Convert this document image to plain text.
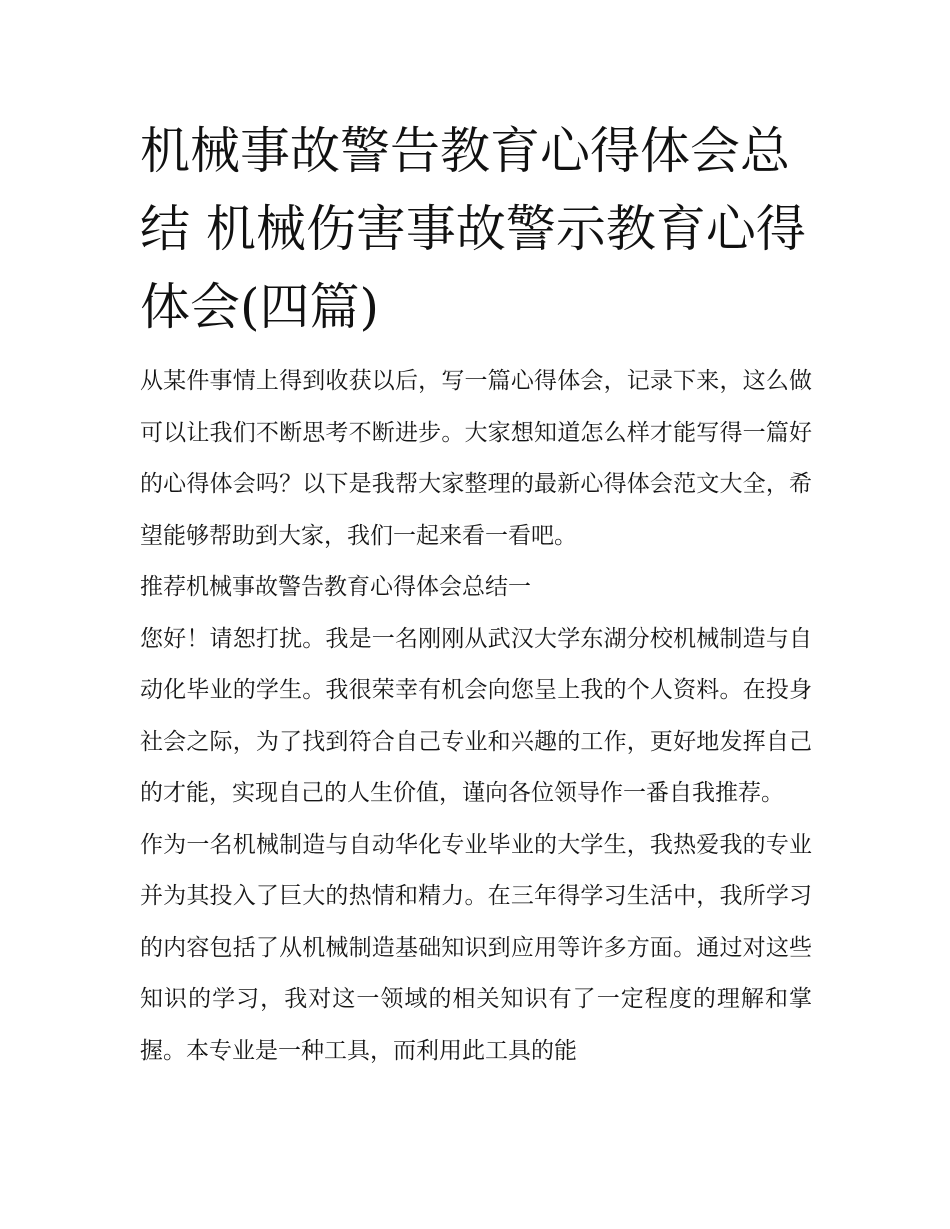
机械事故警告教育心得体会总结 机械伤害事故警示教育心得体会(四篇)

从某件事情上得到收获以后，写一篇心得体会，记录下来，这么做可以让我们不断思考不断进步。大家想知道怎么样才能写得一篇好的心得体会吗？以下是我帮大家整理的最新心得体会范文大全，希望能够帮助到大家，我们一起来看一看吧。

推荐机械事故警告教育心得体会总结一

您好！请恕打扰。我是一名刚刚从武汉大学东湖分校机械制造与自动化毕业的学生。我很荣幸有机会向您呈上我的个人资料。在投身社会之际，为了找到符合自己专业和兴趣的工作，更好地发挥自己的才能，实现自己的人生价值，谨向各位领导作一番自我推荐。

作为一名机械制造与自动华化专业毕业的大学生，我热爱我的专业并为其投入了巨大的热情和精力。在三年得学习生活中，我所学习的内容包括了从机械制造基础知识到应用等许多方面。通过对这些知识的学习，我对这一领域的相关知识有了一定程度的理解和掌握。本专业是一种工具，而利用此工具的能
